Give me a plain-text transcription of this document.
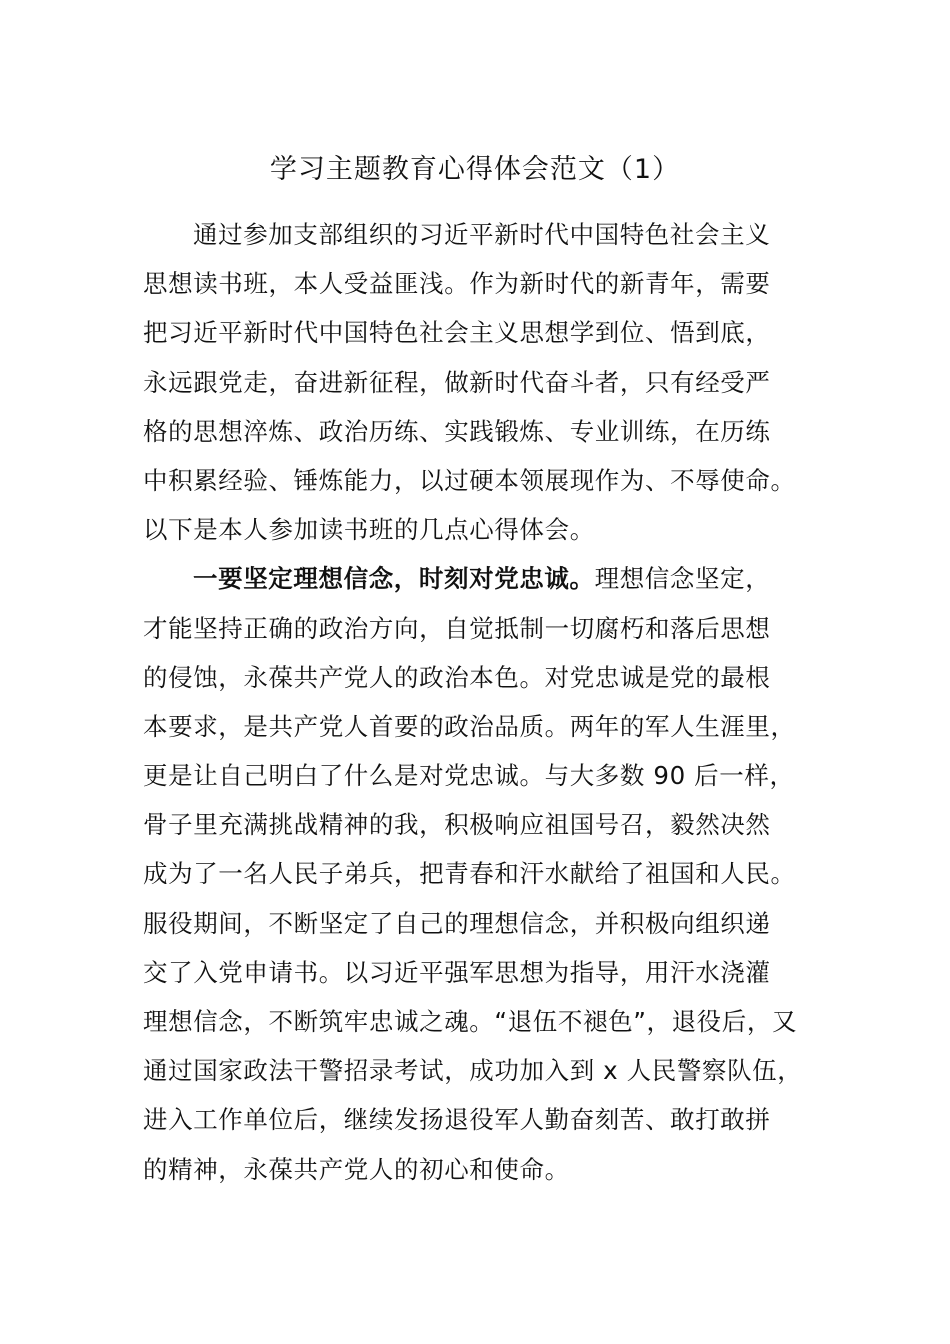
学习主题教育心得体会范文（1）
通过参加支部组织的习近平新时代中国特色社会主义
思想读书班，本人受益匪浅。作为新时代的新青年，需要
把习近平新时代中国特色社会主义思想学到位、悟到底，
永远跟党走，奋进新征程，做新时代奋斗者，只有经受严
格的思想淬炼、政治历练、实践锻炼、专业训练，在历练
中积累经验、锤炼能力，以过硬本领展现作为、不辱使命。
以下是本人参加读书班的几点心得体会。
一要坚定理想信念，时刻对党忠诚。理想信念坚定，
才能坚持正确的政治方向，自觉抵制一切腐朽和落后思想
的侵蚀，永葆共产党人的政治本色。对党忠诚是党的最根
本要求，是共产党人首要的政治品质。两年的军人生涯里，
更是让自己明白了什么是对党忠诚。与大多数 90 后一样，
骨子里充满挑战精神的我，积极响应祖国号召，毅然决然
成为了一名人民子弟兵，把青春和汗水献给了祖国和人民。
服役期间，不断坚定了自己的理想信念，并积极向组织递
交了入党申请书。以习近平强军思想为指导，用汗水浇灌
理想信念，不断筑牢忠诚之魂。“退伍不褪色”，退役后，又
通过国家政法干警招录考试，成功加入到 x 人民警察队伍，
进入工作单位后，继续发扬退役军人勤奋刻苦、敢打敢拼
的精神，永葆共产党人的初心和使命。
